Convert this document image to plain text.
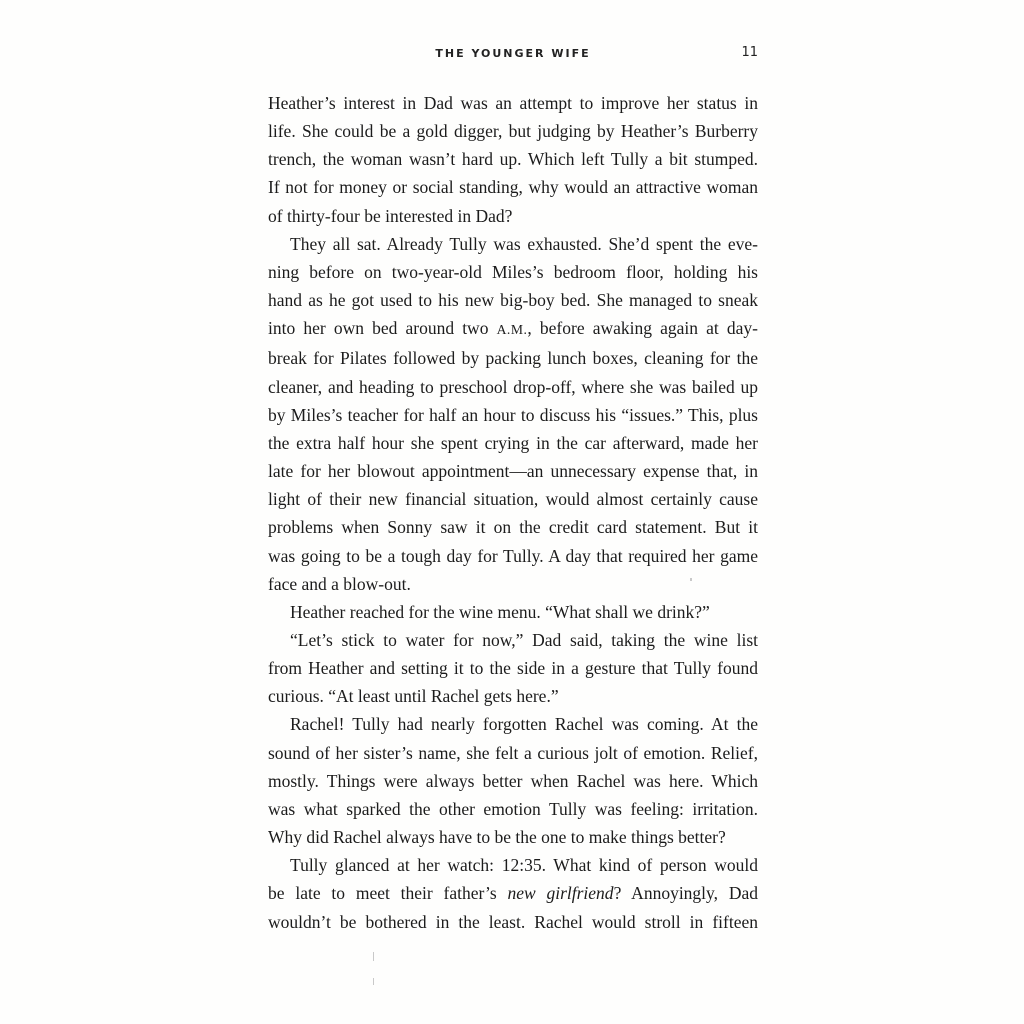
THE YOUNGER WIFE	11

Heather’s interest in Dad was an attempt to improve her status in
life. She could be a gold digger, but judging by Heather’s Burberry
trench, the woman wasn’t hard up. Which left Tully a bit stumped.
If not for money or social standing, why would an attractive woman
of thirty-four be interested in Dad?

They all sat. Already Tully was exhausted. She’d spent the eve-
ning before on two-year-old Miles’s bedroom floor, holding his
hand as he got used to his new big-boy bed. She managed to sneak
into her own bed around two A.M., before awaking again at day-
break for Pilates followed by packing lunch boxes, cleaning for the
cleaner, and heading to preschool drop-off, where she was bailed up
by Miles’s teacher for half an hour to discuss his “issues.” This, plus
the extra half hour she spent crying in the car afterward, made her
late for her blowout appointment—an unnecessary expense that, in
light of their new financial situation, would almost certainly cause
problems when Sonny saw it on the credit card statement. But it
was going to be a tough day for Tully. A day that required her game
face and a blow-out.

Heather reached for the wine menu. “What shall we drink?”

“Let’s stick to water for now,” Dad said, taking the wine list
from Heather and setting it to the side in a gesture that Tully found
curious. “At least until Rachel gets here.”

Rachel! Tully had nearly forgotten Rachel was coming. At the
sound of her sister’s name, she felt a curious jolt of emotion. Relief,
mostly. Things were always better when Rachel was here. Which
was what sparked the other emotion Tully was feeling: irritation.
Why did Rachel always have to be the one to make things better?

Tully glanced at her watch: 12:35. What kind of person would
be late to meet their father’s new girlfriend? Annoyingly, Dad
wouldn’t be bothered in the least. Rachel would stroll in fifteen
